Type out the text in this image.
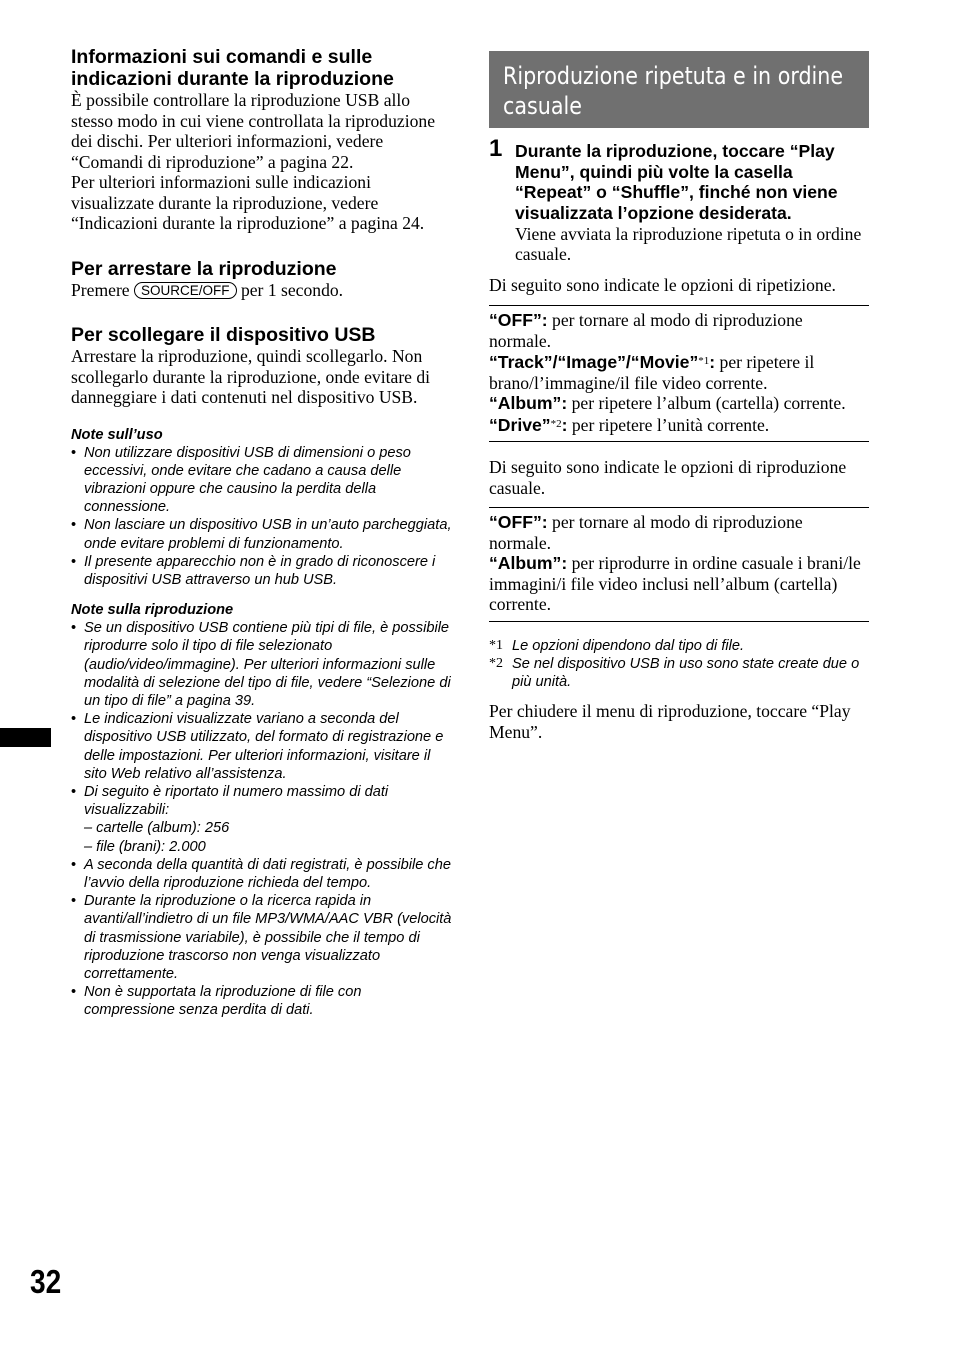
Informazioni sui comandi e sulle indicazioni durante la riproduzione

È possibile controllare la riproduzione USB allo stesso modo in cui viene controllata la riproduzione dei dischi. Per ulteriori informazioni, vedere “Comandi di riproduzione” a pagina 22.

Per ulteriori informazioni sulle indicazioni visualizzate durante la riproduzione, vedere “Indicazioni durante la riproduzione” a pagina 24.

Per arrestare la riproduzione

Premere SOURCE/OFF per 1 secondo.

Per scollegare il dispositivo USB

Arrestare la riproduzione, quindi scollegarlo. Non scollegarlo durante la riproduzione, onde evitare di danneggiare i dati contenuti nel dispositivo USB.

Note sull’uso

• Non utilizzare dispositivi USB di dimensioni o peso eccessivi, onde evitare che cadano a causa delle vibrazioni oppure che causino la perdita della connessione.
• Non lasciare un dispositivo USB in un’auto parcheggiata, onde evitare problemi di funzionamento.
• Il presente apparecchio non è in grado di riconoscere i dispositivi USB attraverso un hub USB.

Note sulla riproduzione

• Se un dispositivo USB contiene più tipi di file, è possibile riprodurre solo il tipo di file selezionato (audio/video/immagine). Per ulteriori informazioni sulle modalità di selezione del tipo di file, vedere “Selezione di un tipo di file” a pagina 39.
• Le indicazioni visualizzate variano a seconda del dispositivo USB utilizzato, del formato di registrazione e delle impostazioni. Per ulteriori informazioni, visitare il sito Web relativo all’assistenza.
• Di seguito è riportato il numero massimo di dati visualizzabili:
– cartelle (album): 256
– file (brani): 2.000
• A seconda della quantità di dati registrati, è possibile che l’avvio della riproduzione richieda del tempo.
• Durante la riproduzione o la ricerca rapida in avanti/all’indietro di un file MP3/WMA/AAC VBR (velocità di trasmissione variabile), è possibile che il tempo di riproduzione trascorso non venga visualizzato correttamente.
• Non è supportata la riproduzione di file con compressione senza perdita di dati.
Riproduzione ripetuta e in ordine casuale
1 Durante la riproduzione, toccare “Play Menu”, quindi più volte la casella “Repeat” o “Shuffle”, finché non viene visualizzata l’opzione desiderata.

Viene avviata la riproduzione ripetuta o in ordine casuale.

Di seguito sono indicate le opzioni di ripetizione.

“OFF”: per tornare al modo di riproduzione normale.

“Track”/“Image”/“Movie”$^{*1}$: per ripetere il brano/l’immagine/il file video corrente.

“Album”: per ripetere l’album (cartella) corrente.

“Drive”$^{*2}$: per ripetere l’unità corrente.

Di seguito sono indicate le opzioni di riproduzione casuale.

“OFF”: per tornare al modo di riproduzione normale.

“Album”: per riprodurre in ordine casuale i brani/le immagini/i file video inclusi nell’album (cartella) corrente.

*1 Le opzioni dipendono dal tipo di file.
*2 Se nel dispositivo USB in uso sono state create due o più unità.

Per chiudere il menu di riproduzione, toccare “Play Menu”.

32
